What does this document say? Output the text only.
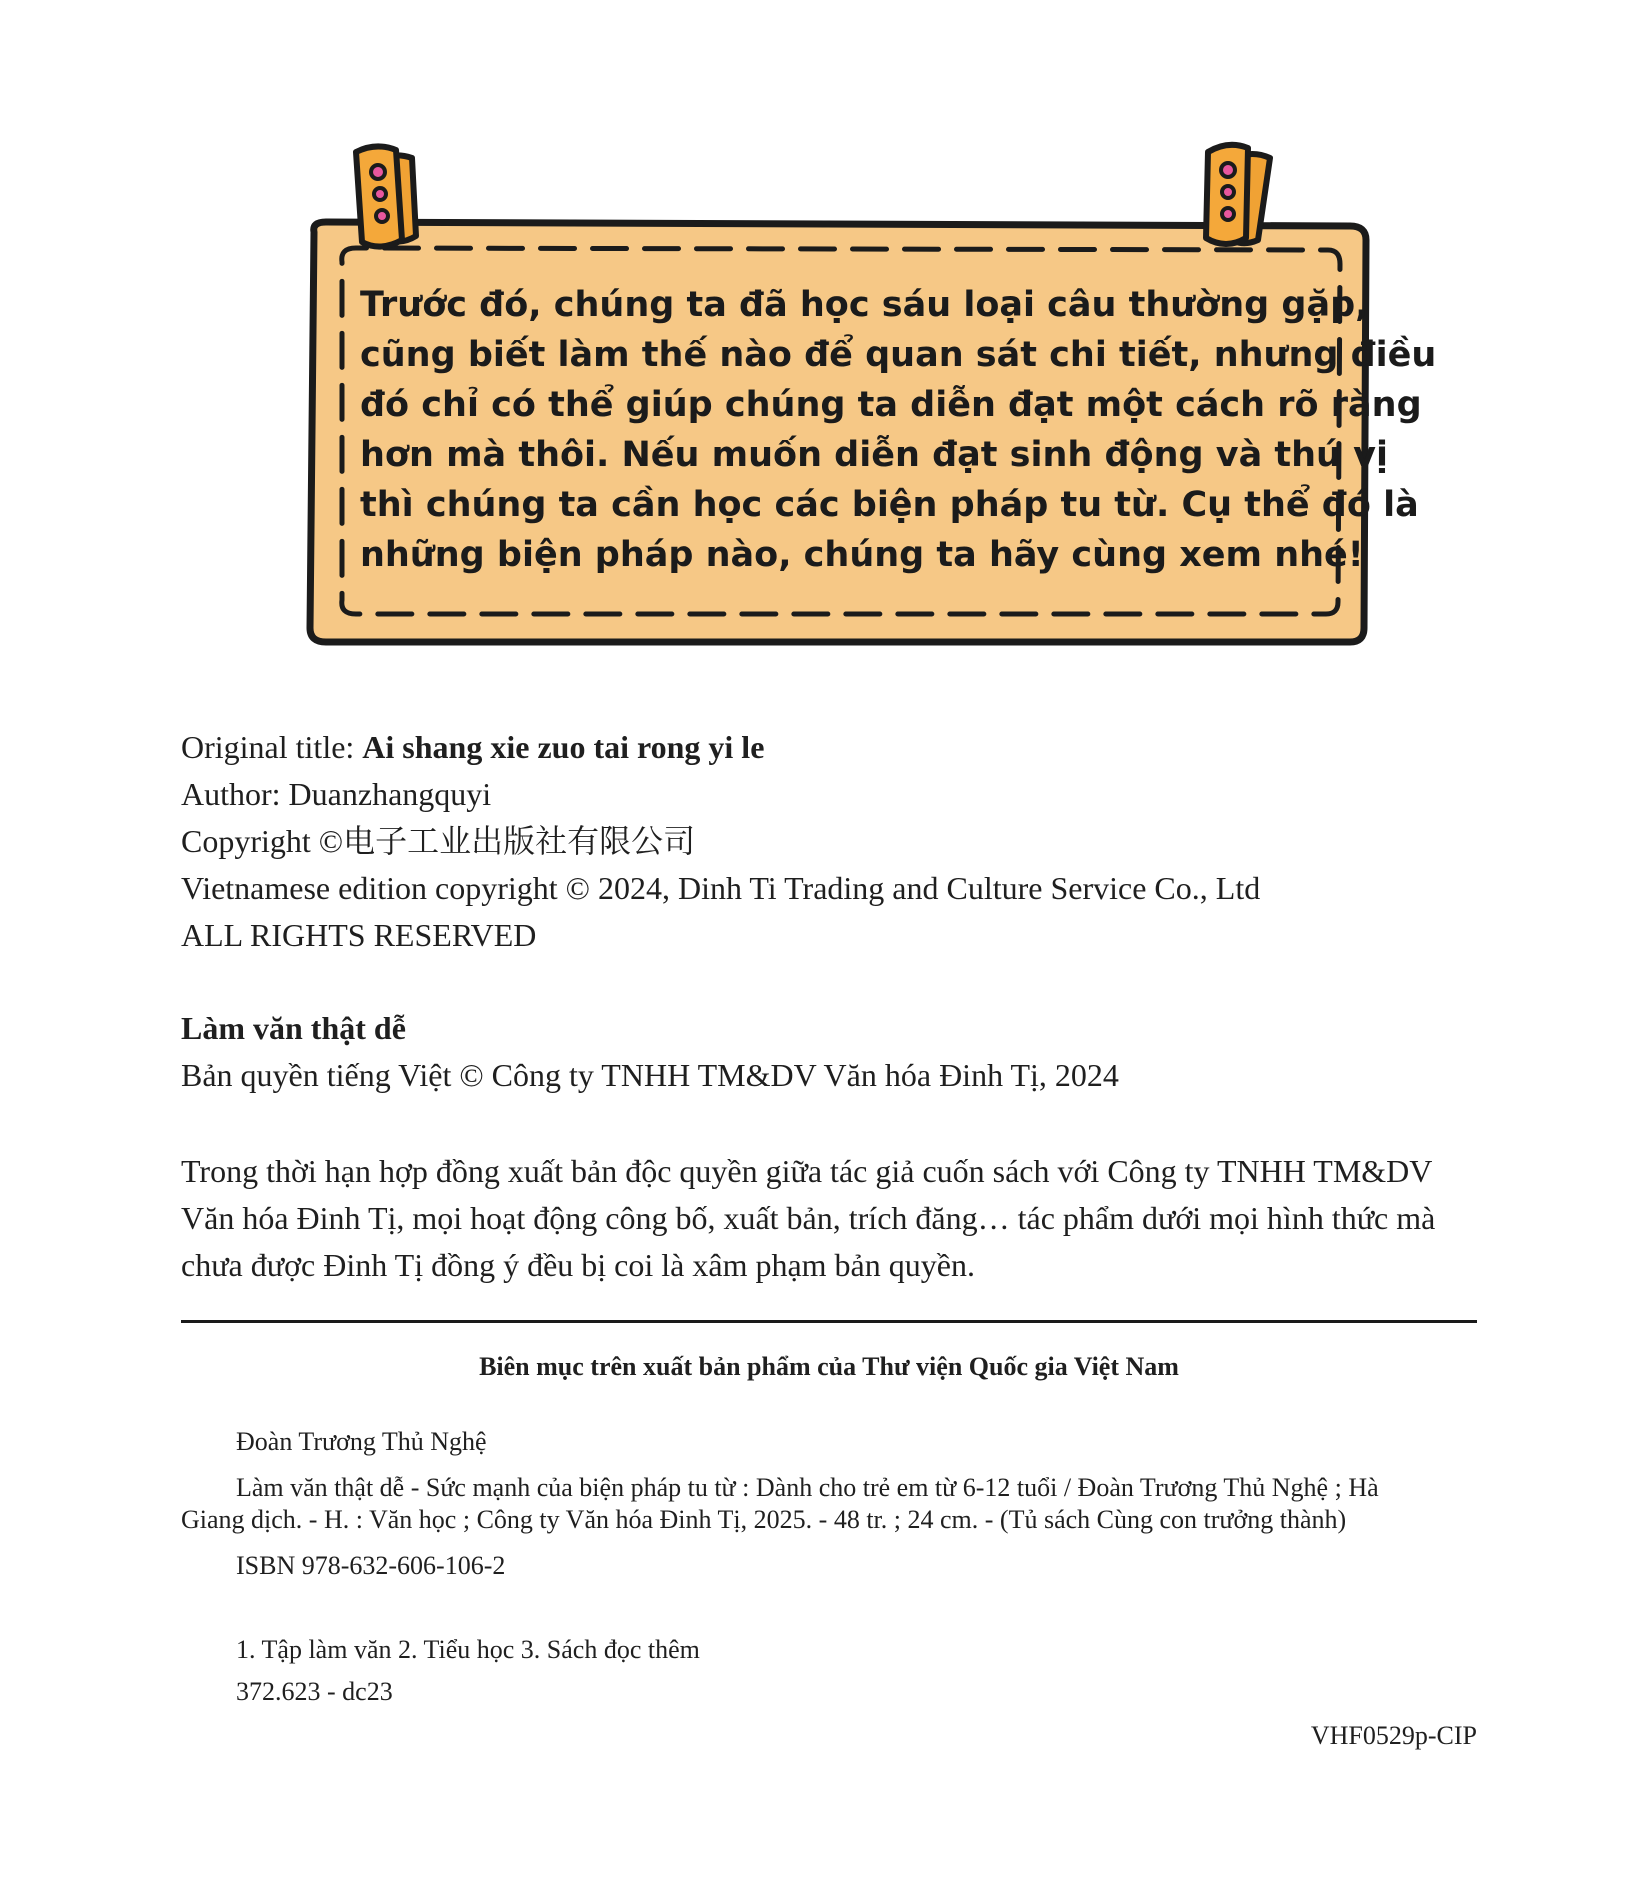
Trước đó, chúng ta đã học sáu loại câu thường gặp,
cũng biết làm thế nào để quan sát chi tiết, nhưng điều
đó chỉ có thể giúp chúng ta diễn đạt một cách rõ ràng
hơn mà thôi. Nếu muốn diễn đạt sinh động và thú vị
thì chúng ta cần học các biện pháp tu từ. Cụ thể đó là
những biện pháp nào, chúng ta hãy cùng xem nhé!

Original title: Ai shang xie zuo tai rong yi le

Author: Duanzhangquyi

Copyright ©电子工业出版社有限公司

Vietnamese edition copyright © 2024, Dinh Ti Trading and Culture Service Co., Ltd

ALL RIGHTS RESERVED

Làm văn thật dễ

Bản quyền tiếng Việt © Công ty TNHH TM&DV Văn hóa Đinh Tị, 2024

Trong thời hạn hợp đồng xuất bản độc quyền giữa tác giả cuốn sách với Công ty TNHH TM&DV
Văn hóa Đinh Tị, mọi hoạt động công bố, xuất bản, trích đăng… tác phẩm dưới mọi hình thức mà
chưa được Đinh Tị đồng ý đều bị coi là xâm phạm bản quyền.
Biên mục trên xuất bản phẩm của Thư viện Quốc gia Việt Nam
Đoàn Trương Thủ Nghệ
Làm văn thật dễ - Sức mạnh của biện pháp tu từ : Dành cho trẻ em từ 6-12 tuổi / Đoàn Trương Thủ Nghệ ; Hà
Giang dịch. - H. : Văn học ; Công ty Văn hóa Đinh Tị, 2025. - 48 tr. ; 24 cm. - (Tủ sách Cùng con trưởng thành)
ISBN 978-632-606-106-2
1. Tập làm văn 2. Tiểu học 3. Sách đọc thêm
372.623 - dc23
VHF0529p-CIP
